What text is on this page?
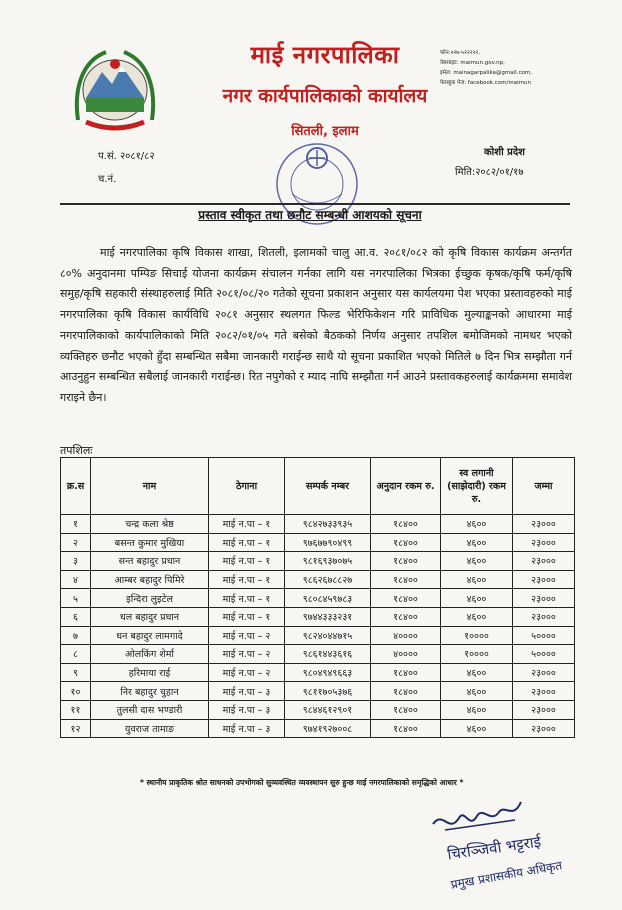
माई नगरपालिका
नगर कार्यपालिकाको कार्यालय
सितली, इलाम
फोन:०२७-५२२२२२,
वेबसाइट: maimun.gov.np,
इमेल: mainagarpalika@gmail.com,
फेसबुक पेज: facebook.com/maimun
प.सं. २०८१/८२
च.नं.
कोशी प्रदेश
मिति:२०८२/०१/१७
प्रस्ताव स्वीकृत तथा छनौट सम्बन्धी आशयको सूचना

माई नगरपालिका कृषि विकास शाखा, शितली, इलामको चालु आ.व. २०८१/०८२ को कृषि विकास कार्यक्रम अन्तर्गत ८०% अनुदानमा पम्पिङ सिचाई योजना कार्यक्रम संचालन गर्नका लागि यस नगरपालिका भित्रका ईच्छुक कृषक/कृषि फर्म/कृषि समुह/कृषि सहकारी संस्थाहरुलाई मिति २०८१/०८/२० गतेको सूचना प्रकाशन अनुसार यस कार्यलयमा पेश भएका प्रस्तावहरुको माई नगरपालिका कृषि विकास कार्यविधि २०८१ अनुसार स्थलगत फिल्ड भेरिफिकेशन गरि प्राविधिक मुल्याङ्कनको आधारमा माई नगरपालिकाको कार्यपालिकाको मिति २०८२/०१/०५ गते बसेको बैठकको निर्णय अनुसार तपशिल बमोजिमको नामथर भएको व्यक्तिहरु छनौट भएको हुँदा सम्बन्धित सबैमा जानकारी गराईन्छ साथै यो सूचना प्रकाशित भएको मितिले ७ दिन भित्र सम्झौता गर्न आउनुहुन सम्बन्धित सबैलाई जानकारी गराईन्छ। रित नपुगेको र म्याद नाघि सम्झौता गर्न आउने प्रस्तावकहरुलाई कार्यक्रममा समावेश गराइने छैन।

तपशिलः
क्र.स	नाम	ठेगाना	सम्पर्क नम्बर	अनुदान रकम रु.	स्व लगानी (साझेदारी) रकम रु.	जम्मा
१	चन्द्र कला श्रेष्ठ	माई न.पा – १	९८४२७३३९३५	१८४००	४६००	२३०००
२	बसन्त कुमार मुखिया	माई न.पा – १	९७६७७९०४९९	१८४००	४६००	२३०००
३	सन्त बहादुर प्रधान	माई न.पा – १	९८१६९३७०७५	१८४००	४६००	२३०००
४	आम्बर बहादुर पिमिरे	माई न.पा – १	९८६२६७८८२७	१८४००	४६००	२३०००
५	इन्दिरा लुइटेल	माई न.पा – १	९८०८४५९७८३	१८४००	४६००	२३०००
६	धल बहादुर प्रधान	माई न.पा – १	९७४४३३३२३१	१८४००	४६००	२३०००
७	धन बहादुर लामगादे	माई न.पा – २	९८२४०४४७१५	४००००	१००००	५००००
८	ओलकिंग शेर्मा	माई न.पा – २	९८६१४४३६१६	४००००	१००००	५००००
९	हरिमाया राई	माई न.पा – २	९८०४९४९६६३	१८४००	४६००	२३०००
१०	निर बहादुर चुहान	माई न.पा – ३	९८११७०५३७६	१८४००	४६००	२३०००
११	तुलसी दास भण्डारी	माई न.पा – ३	९८४४६१२९०१	१८४००	४६००	२३०००
१२	युवराज तामाङ	माई न.पा – ३	९७४१९२७००८	१८४००	४६००	२३०००
* स्थानीय प्राकृतिक श्रोत साधनको उपभोगको सुव्यवस्थित व्यवस्थापन सुरु हुन्छ माई नगरपालिकाको समृद्धिको आधार *
चिरञ्जिवी भट्टराई
प्रमुख प्रशासकीय अधिकृत
